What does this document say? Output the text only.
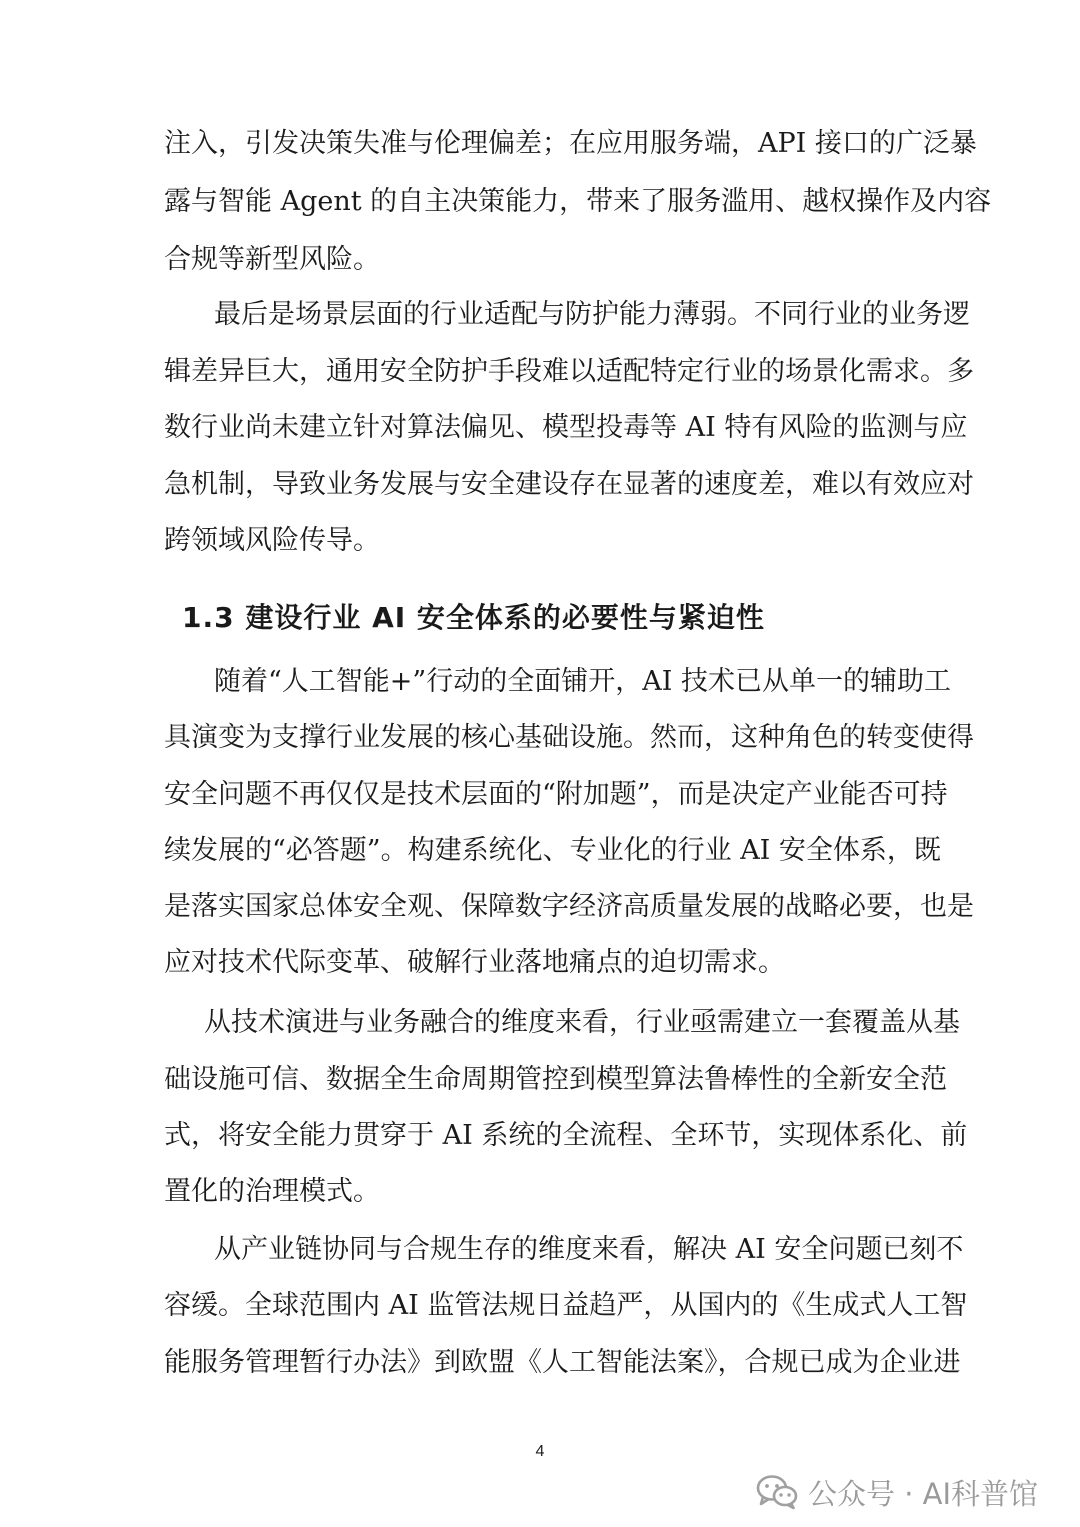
注入，引发决策失准与伦理偏差；在应用服务端，API 接口的广泛暴
露与智能 Agent 的自主决策能力，带来了服务滥用、越权操作及内容
合规等新型风险。
最后是场景层面的行业适配与防护能力薄弱。不同行业的业务逻
辑差异巨大，通用安全防护手段难以适配特定行业的场景化需求。多
数行业尚未建立针对算法偏见、模型投毒等 AI 特有风险的监测与应
急机制，导致业务发展与安全建设存在显著的速度差，难以有效应对
跨领域风险传导。
1.3 建设行业 AI 安全体系的必要性与紧迫性
随着“人工智能+”行动的全面铺开，AI 技术已从单一的辅助工
具演变为支撑行业发展的核心基础设施。然而，这种角色的转变使得
安全问题不再仅仅是技术层面的“附加题”，而是决定产业能否可持
续发展的“必答题”。构建系统化、专业化的行业 AI 安全体系，既
是落实国家总体安全观、保障数字经济高质量发展的战略必要，也是
应对技术代际变革、破解行业落地痛点的迫切需求。
从技术演进与业务融合的维度来看，行业亟需建立一套覆盖从基
础设施可信、数据全生命周期管控到模型算法鲁棒性的全新安全范
式，将安全能力贯穿于 AI 系统的全流程、全环节，实现体系化、前
置化的治理模式。
从产业链协同与合规生存的维度来看，解决 AI 安全问题已刻不
容缓。全球范围内 AI 监管法规日益趋严，从国内的《生成式人工智
能服务管理暂行办法》到欧盟《人工智能法案》，合规已成为企业进
4
公众号 · AI科普馆
